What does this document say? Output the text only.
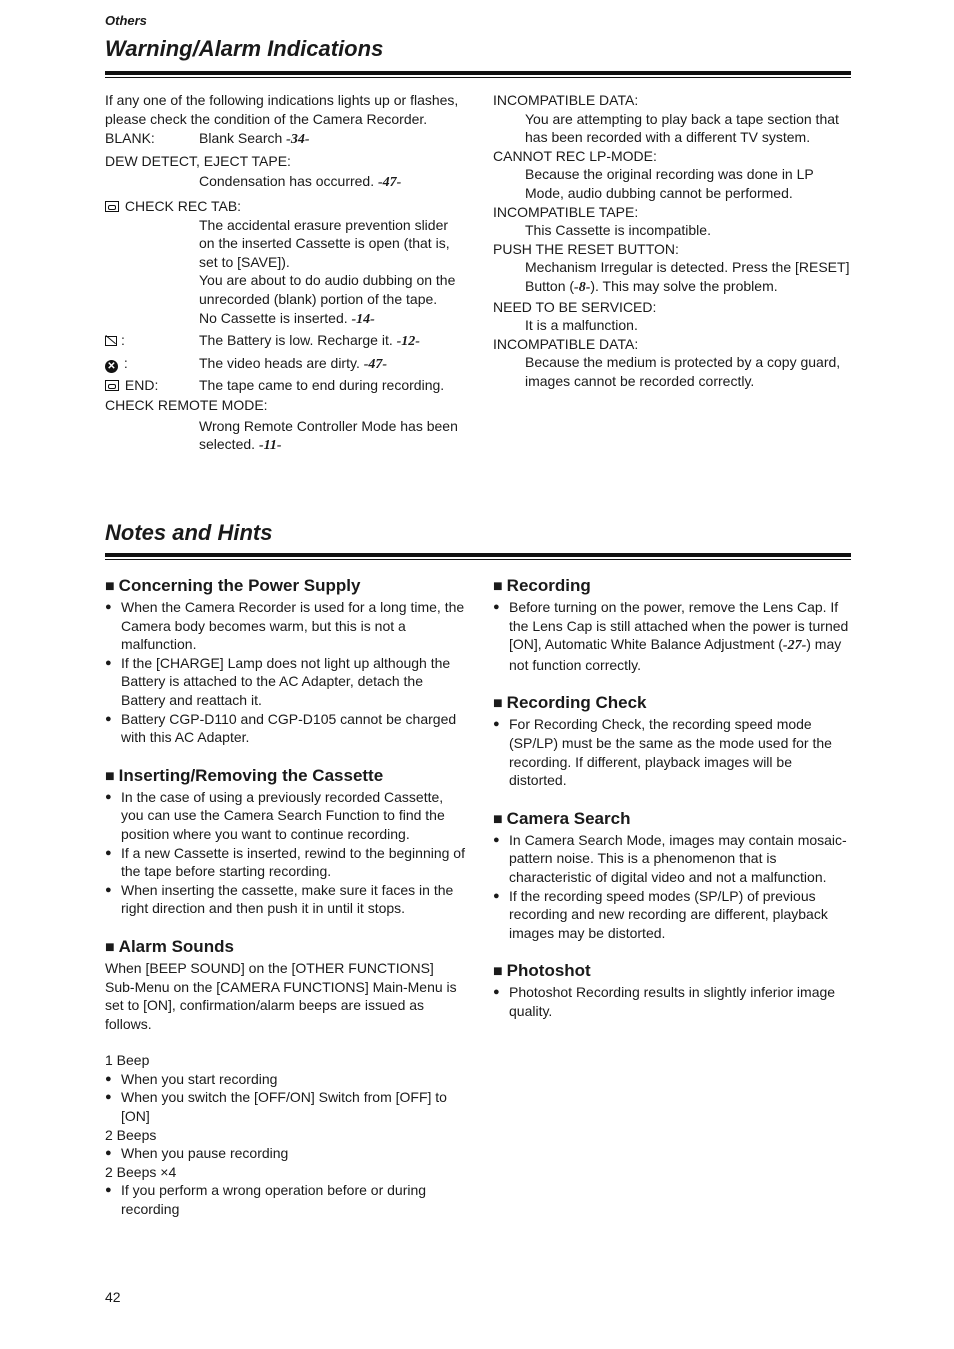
Others
Warning/Alarm Indications

If any one of the following indications lights up or flashes, please check the condition of the Camera Recorder.

BLANK:	Blank Search -34-

DEW DETECT, EJECT TAPE:

Condensation has occurred. -47-

CHECK REC TAB:

The accidental erasure prevention slider on the inserted Cassette is open (that is, set to [SAVE]).

You are about to do audio dubbing on the unrecorded (blank) portion of the tape.

No Cassette is inserted. -14-

:	The Battery is low. Recharge it. -12-
✕ :	The video heads are dirty. -47-
END:	The tape came to end during recording.

CHECK REMOTE MODE:

Wrong Remote Controller Mode has been selected. -11-

INCOMPATIBLE DATA:

You are attempting to play back a tape section that has been recorded with a different TV system.

CANNOT REC LP-MODE:

Because the original recording was done in LP Mode, audio dubbing cannot be performed.

INCOMPATIBLE TAPE:

This Cassette is incompatible.

PUSH THE RESET BUTTON:

Mechanism Irregular is detected. Press the [RESET] Button (-8-). This may solve the problem.

NEED TO BE SERVICED:

It is a malfunction.

INCOMPATIBLE DATA:

Because the medium is protected by a copy guard, images cannot be recorded correctly.

Notes and Hints

■ Concerning the Power Supply

●
When the Camera Recorder is used for a long time, the Camera body becomes warm, but this is not a malfunction.
●
If the [CHARGE] Lamp does not light up although the Battery is attached to the AC Adapter, detach the Battery and reattach it.
●
Battery CGP-D110 and CGP-D105 cannot be charged with this AC Adapter.

■ Inserting/Removing the Cassette

●
In the case of using a previously recorded Cassette, you can use the Camera Search Function to find the position where you want to continue recording.
●
If a new Cassette is inserted, rewind to the beginning of the tape before starting recording.
●
When inserting the cassette, make sure it faces in the right direction and then push it in until it stops.

■ Alarm Sounds

When [BEEP SOUND] on the [OTHER FUNCTIONS] Sub-Menu on the [CAMERA FUNCTIONS] Main-Menu is set to [ON], confirmation/alarm beeps are issued as follows.

1 Beep

●
When you start recording
●
When you switch the [OFF/ON] Switch from [OFF] to [ON]

2 Beeps

●
When you pause recording

2 Beeps ×4

●
If you perform a wrong operation before or during recording

■ Recording

●
Before turning on the power, remove the Lens Cap. If the Lens Cap is still attached when the power is turned [ON], Automatic White Balance Adjustment (-27-) may not function correctly.

■ Recording Check

●
For Recording Check, the recording speed mode (SP/LP) must be the same as the mode used for the recording. If different, playback images will be distorted.

■ Camera Search

●
In Camera Search Mode, images may contain mosaic-pattern noise. This is a phenomenon that is characteristic of digital video and not a malfunction.
●
If the recording speed modes (SP/LP) of previous recording and new recording are different, playback images may be distorted.

■ Photoshot

●
Photoshot Recording results in slightly inferior image quality.
42
